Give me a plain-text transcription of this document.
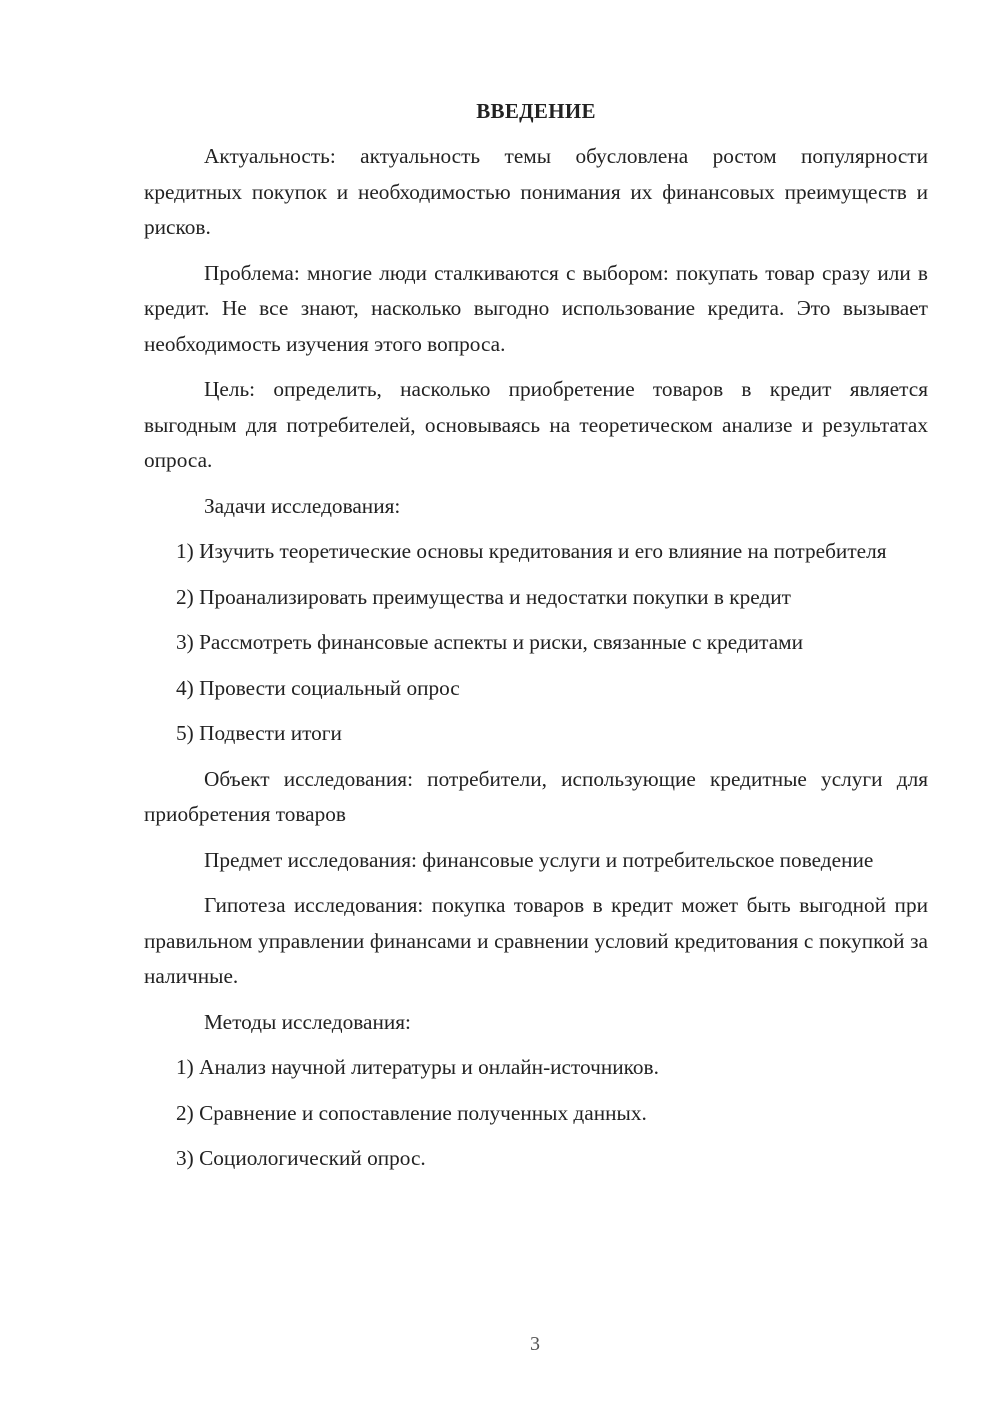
ВВЕДЕНИЕ

Актуальность: актуальность темы обусловлена ростом популярности кредитных покупок и необходимостью понимания их финансовых преимуществ и рисков.

Проблема: многие люди сталкиваются с выбором: покупать товар сразу или в кредит. Не все знают, насколько выгодно использование кредита. Это вызывает необходимость изучения этого вопроса.

Цель: определить, насколько приобретение товаров в кредит является выгодным для потребителей, основываясь на теоретическом анализе и результатах опроса.

Задачи исследования:

1) Изучить теоретические основы кредитования и его влияние на потребителя

2) Проанализировать преимущества и недостатки покупки в кредит

3) Рассмотреть финансовые аспекты и риски, связанные с кредитами

4) Провести социальный опрос

5) Подвести итоги

Объект исследования: потребители, использующие кредитные услуги для приобретения товаров

Предмет исследования: финансовые услуги и потребительское поведение

Гипотеза исследования: покупка товаров в кредит может быть выгодной при правильном управлении финансами и сравнении условий кредитования с покупкой за наличные.

Методы исследования:

1) Анализ научной литературы и онлайн-источников.

2) Сравнение и сопоставление полученных данных.

3) Социологический опрос.

3
